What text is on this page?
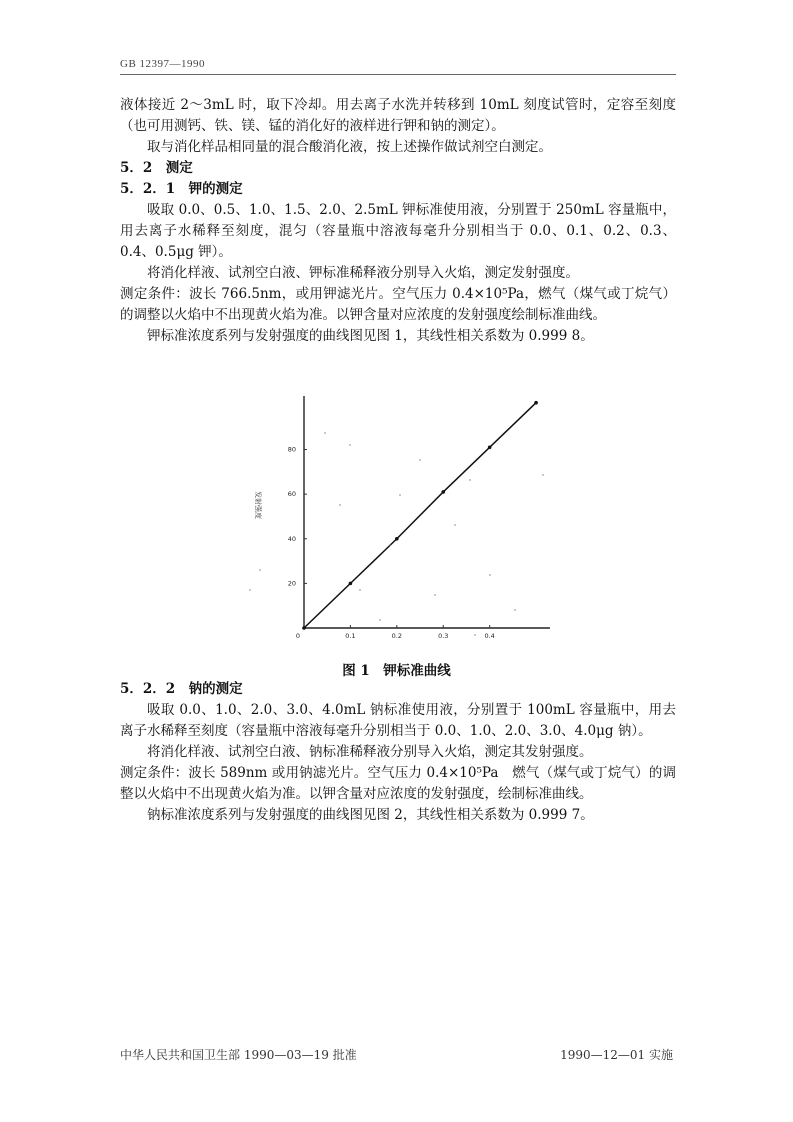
GB 12397—1990

液体接近 2～3mL 时，取下冷却。用去离子水洗并转移到 10mL 刻度试管时，定容至刻度（也可用测钙、铁、镁、锰的消化好的液样进行钾和钠的测定）。

取与消化样品相同量的混合酸消化液，按上述操作做试剂空白测定。

5．2　测定

5．2．1　钾的测定

吸取 0.0、0.5、1.0、1.5、2.0、2.5mL 钾标准使用液，分别置于 250mL 容量瓶中，用去离子水稀释至刻度，混匀（容量瓶中溶液每毫升分别相当于 0.0、0.1、0.2、0.3、0.4、0.5μg 钾）。

将消化样液、试剂空白液、钾标准稀释液分别导入火焰，测定发射强度。

测定条件：波长 766.5nm，或用钾滤光片。空气压力 0.4×10⁵Pa，燃气（煤气或丁烷气）的调整以火焰中不出现黄火焰为准。以钾含量对应浓度的发射强度绘制标准曲线。

钾标准浓度系列与发射强度的曲线图见图 1，其线性相关系数为 0.999 8。

0	0.1	0.2	0.3	0.4
20
40
60
80
发射强度
图 1　钾标准曲线

5．2．2　钠的测定

吸取 0.0、1.0、2.0、3.0、4.0mL 钠标准使用液，分别置于 100mL 容量瓶中，用去离子水稀释至刻度（容量瓶中溶液每毫升分别相当于 0.0、1.0、2.0、3.0、4.0μg 钠）。

将消化样液、试剂空白液、钠标准稀释液分别导入火焰，测定其发射强度。

测定条件：波长 589nm 或用钠滤光片。空气压力 0.4×10⁵Pa　燃气（煤气或丁烷气）的调整以火焰中不出现黄火焰为准。以钾含量对应浓度的发射强度，绘制标准曲线。

钠标准浓度系列与发射强度的曲线图见图 2，其线性相关系数为 0.999 7。

中华人民共和国卫生部 1990—03—19 批准	1990—12—01 实施
